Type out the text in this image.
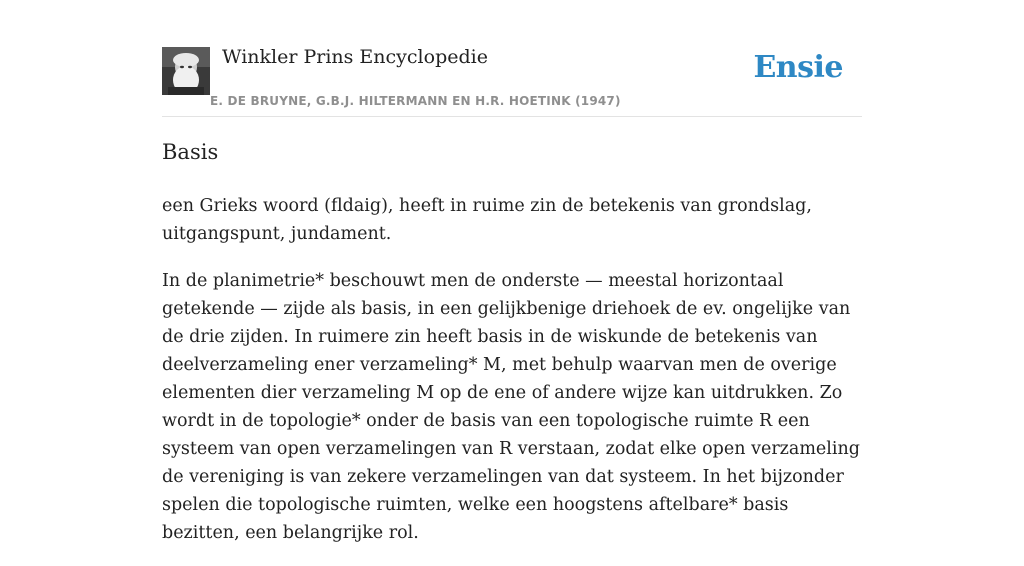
Winkler Prins Encyclopedie
E. DE BRUYNE, G.B.J. HILTERMANN EN H.R. HOETINK (1947)
Ensie
Basis

een Grieks woord (fldaig), heeft in ruime zin de betekenis van grondslag, uitgangspunt, jundament.

In de planimetrie* beschouwt men de onderste — meestal horizontaal getekende — zijde als basis, in een gelijkbenige driehoek de ev. ongelijke van de drie zijden. In ruimere zin heeft basis in de wiskunde de betekenis van deelverzameling ener verzameling* M, met behulp waarvan men de overige elementen dier verzameling M op de ene of andere wijze kan uitdrukken. Zo wordt in de topologie* onder de basis van een topologische ruimte R een systeem van open verzamelingen van R verstaan, zodat elke open verzameling de vereniging is van zekere verzamelingen van dat systeem. In het bijzonder spelen die topologische ruimten, welke een hoogstens aftelbare* basis bezitten, een belangrijke rol.
